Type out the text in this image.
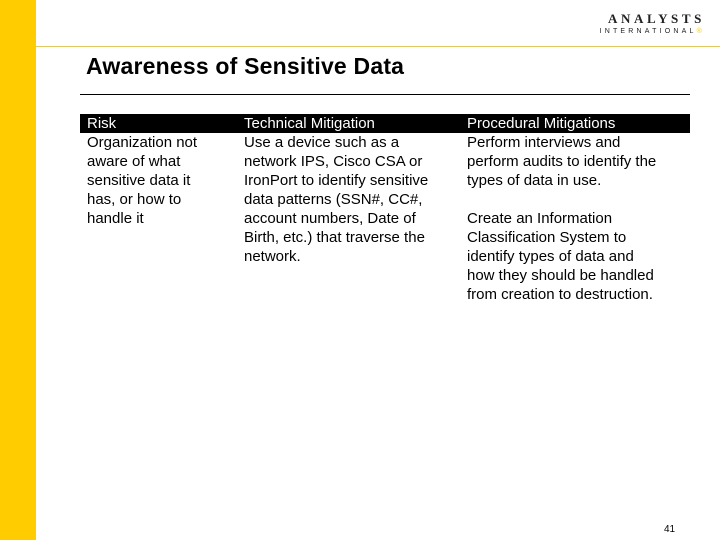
ANALYSTS
INTERNATIONAL®
Awareness of Sensitive Data
Risk	Technical Mitigation	Procedural Mitigations
Organization not
aware of what
sensitive data it
has, or how to
handle it
Use a device such as a
network IPS, Cisco CSA or
IronPort to identify sensitive
data patterns (SSN#, CC#,
account numbers, Date of
Birth, etc.) that traverse the
network.
Perform interviews and
perform audits to identify the
types of data in use.
Create an Information
Classification System to
identify types of data and
how they should be handled
from creation to destruction.
41
